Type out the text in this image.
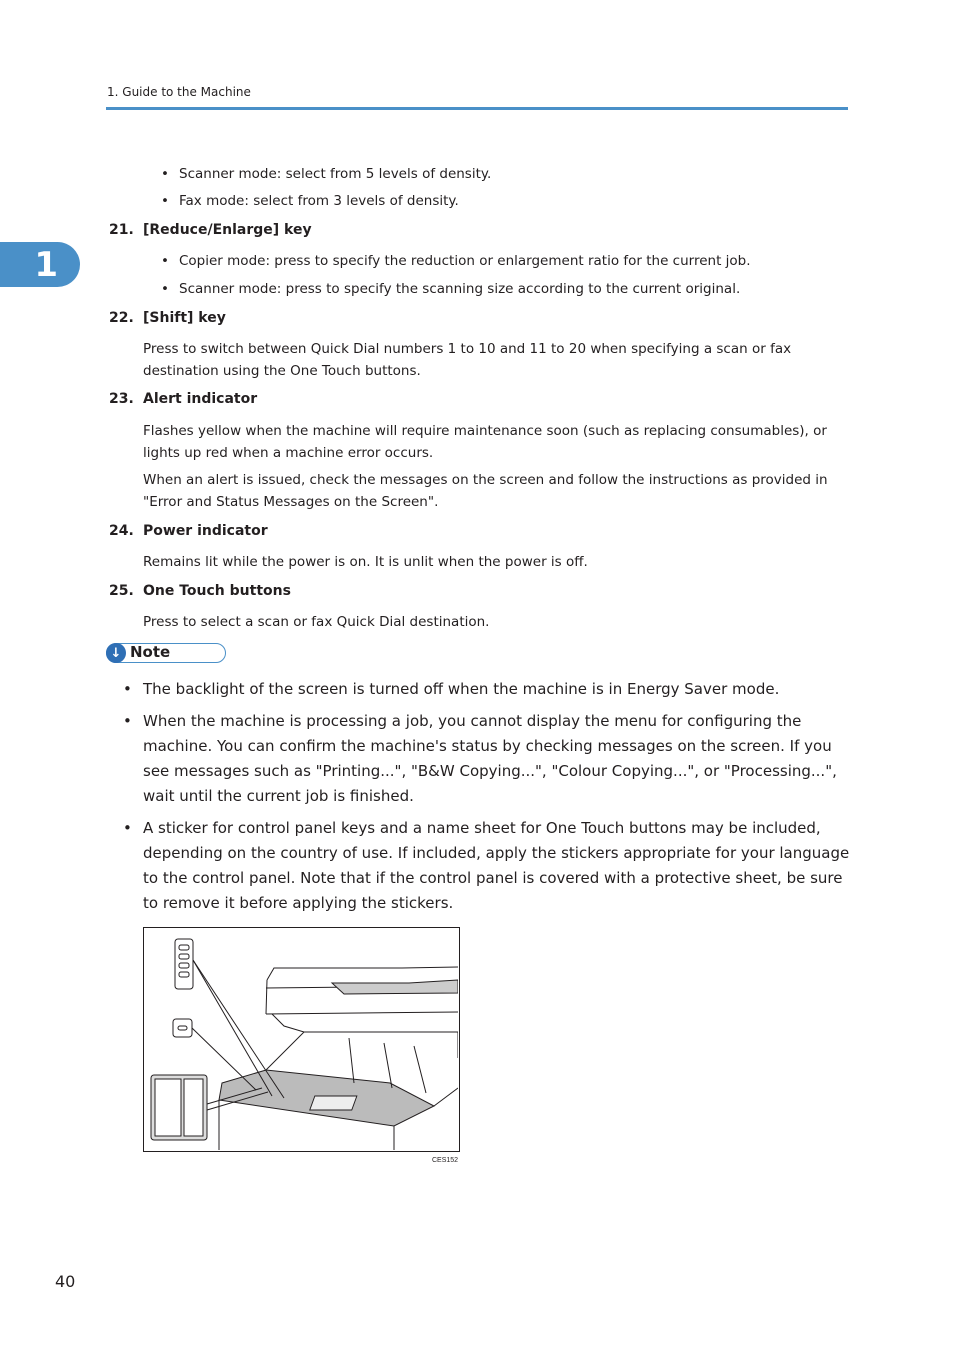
1. Guide to the Machine
1
• Scanner mode: select from 5 levels of density.
• Fax mode: select from 3 levels of density.
21. [Reduce/Enlarge] key
• Copier mode: press to specify the reduction or enlargement ratio for the current job.
• Scanner mode: press to specify the scanning size according to the current original.
22. [Shift] key
Press to switch between Quick Dial numbers 1 to 10 and 11 to 20 when specifying a scan or fax destination using the One Touch buttons.
23. Alert indicator
Flashes yellow when the machine will require maintenance soon (such as replacing consumables), or lights up red when a machine error occurs.
When an alert is issued, check the messages on the screen and follow the instructions as provided in "Error and Status Messages on the Screen".
24. Power indicator
Remains lit while the power is on. It is unlit when the power is off.
25. One Touch buttons
Press to select a scan or fax Quick Dial destination.
↓ Note
• The backlight of the screen is turned off when the machine is in Energy Saver mode.
• When the machine is processing a job, you cannot display the menu for configuring the machine. You can confirm the machine's status by checking messages on the screen. If you see messages such as "Printing...", "B&W Copying...", "Colour Copying...", or "Processing...", wait until the current job is finished.
• A sticker for control panel keys and a name sheet for One Touch buttons may be included, depending on the country of use. If included, apply the stickers appropriate for your language to the control panel. Note that if the control panel is covered with a protective sheet, be sure to remove it before applying the stickers.
CES152
40
